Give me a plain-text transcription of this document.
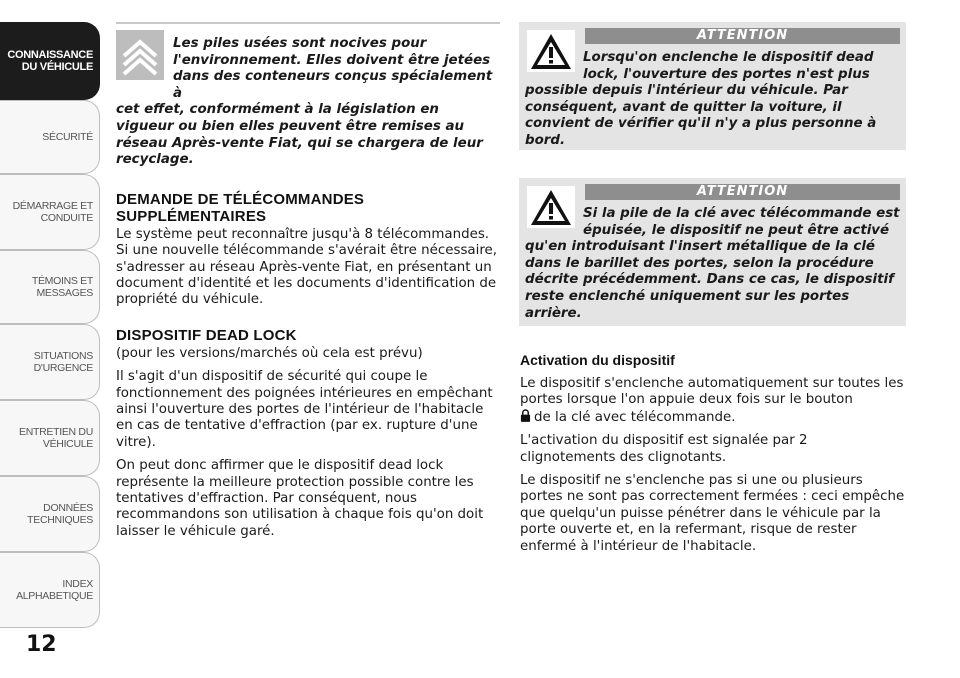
CONNAISSANCE
DU VÉHICULE
SÉCURITÉ
DÉMARRAGE ET
CONDUITE
TÉMOINS ET
MESSAGES
SITUATIONS
D'URGENCE
ENTRETIEN DU
VÉHICULE
DONNÉES
TECHNIQUES
INDEX
ALPHABETIQUE
12

Les piles usées sont nocives pour l'environnement. Elles doivent être jetées dans des conteneurs conçus spécialement à
cet effet, conformément à la législation en vigueur ou bien elles peuvent être remises au réseau Après-vente Fiat, qui se chargera de leur recyclage.

DEMANDE DE TÉLÉCOMMANDES SUPPLÉMENTAIRES

Le système peut reconnaître jusqu'à 8 télécommandes. Si une nouvelle télécommande s'avérait être nécessaire, s'adresser au réseau Après-vente Fiat, en présentant un document d'identité et les documents d'identification de propriété du véhicule.

DISPOSITIF DEAD LOCK

(pour les versions/marchés où cela est prévu)

Il s'agit d'un dispositif de sécurité qui coupe le fonctionnement des poignées intérieures en empêchant ainsi l'ouverture des portes de l'intérieur de l'habitacle en cas de tentative d'effraction (par ex. rupture d'une vitre).

On peut donc affirmer que le dispositif dead lock représente la meilleure protection possible contre les tentatives d'effraction. Par conséquent, nous recommandons son utilisation à chaque fois qu'on doit laisser le véhicule garé.

ATTENTION
Lorsqu'on enclenche le dispositif dead lock, l'ouverture des portes n'est plus
possible depuis l'intérieur du véhicule. Par conséquent, avant de quitter la voiture, il convient de vérifier qu'il n'y a plus personne à bord.
ATTENTION
Si la pile de la clé avec télécommande est épuisée, le dispositif ne peut être activé
qu'en introduisant l'insert métallique de la clé dans le barillet des portes, selon la procédure décrite précédemment. Dans ce cas, le dispositif reste enclenché uniquement sur les portes arrière.
Activation du dispositif

Le dispositif s'enclenche automatiquement sur toutes les portes lorsque l'on appuie deux fois sur le bouton
de la clé avec télécommande.

L'activation du dispositif est signalée par 2 clignotements des clignotants.

Le dispositif ne s'enclenche pas si une ou plusieurs portes ne sont pas correctement fermées : ceci empêche que quelqu'un puisse pénétrer dans le véhicule par la porte ouverte et, en la refermant, risque de rester enfermé à l'intérieur de l'habitacle.
